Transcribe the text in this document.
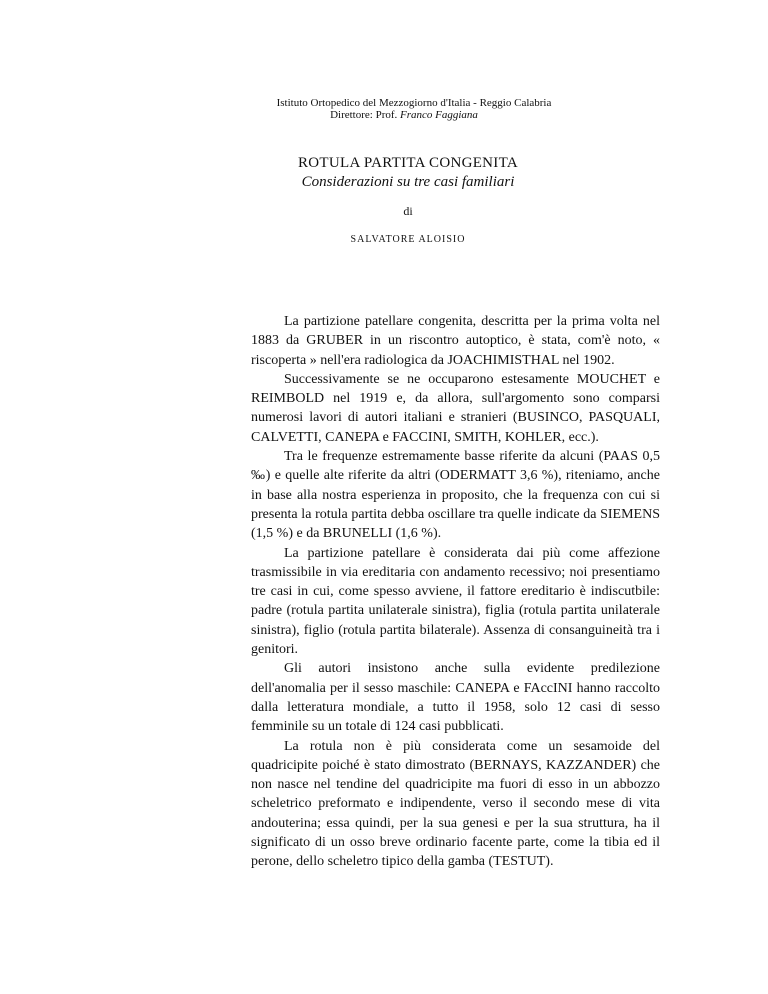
Istituto Ortopedico del Mezzogiorno d'Italia - Reggio Calabria
Direttore: Prof. Franco Faggiana
ROTULA PARTITA CONGENITA
Considerazioni su tre casi familiari
di
SALVATORE ALOISIO

La partizione patellare congenita, descritta per la prima volta nel 1883 da GRUBER in un riscontro autoptico, è stata, com'è noto, « riscoperta » nell'era radiologica da JOACHIMISTHAL nel 1902.

Successivamente se ne occuparono estesamente MOUCHET e REIMBOLD nel 1919 e, da allora, sull'argomento sono comparsi numerosi lavori di autori italiani e stranieri (BUSINCO, PASQUALI, CALVETTI, CANEPA e FACCINI, SMITH, KOHLER, ecc.).

Tra le frequenze estremamente basse riferite da alcuni (PAAS 0,5 ‰) e quelle alte riferite da altri (ODERMATT 3,6 %), riteniamo, anche in base alla nostra esperienza in proposito, che la frequenza con cui si presenta la rotula partita debba oscillare tra quelle indicate da SIEMENS (1,5 %) e da BRUNELLI (1,6 %).

La partizione patellare è considerata dai più come affezione trasmissibile in via ereditaria con andamento recessivo; noi presentiamo tre casi in cui, come spesso avviene, il fattore ereditario è indiscutbile: padre (rotula partita unilaterale sinistra), figlia (rotula partita unilaterale sinistra), figlio (rotula partita bilaterale). Assenza di consanguineità tra i genitori.

Gli autori insistono anche sulla evidente predilezione dell'anomalia per il sesso maschile: CANEPA e FAccINI hanno raccolto dalla letteratura mondiale, a tutto il 1958, solo 12 casi di sesso femminile su un totale di 124 casi pubblicati.

La rotula non è più considerata come un sesamoide del quadricipite poiché è stato dimostrato (BERNAYS, KAZZANDER) che non nasce nel tendine del quadricipite ma fuori di esso in un abbozzo scheletrico preformato e indipendente, verso il secondo mese di vita andouterina; essa quindi, per la sua genesi e per la sua struttura, ha il significato di un osso breve ordinario facente parte, come la tibia ed il perone, dello scheletro tipico della gamba (TESTUT).
